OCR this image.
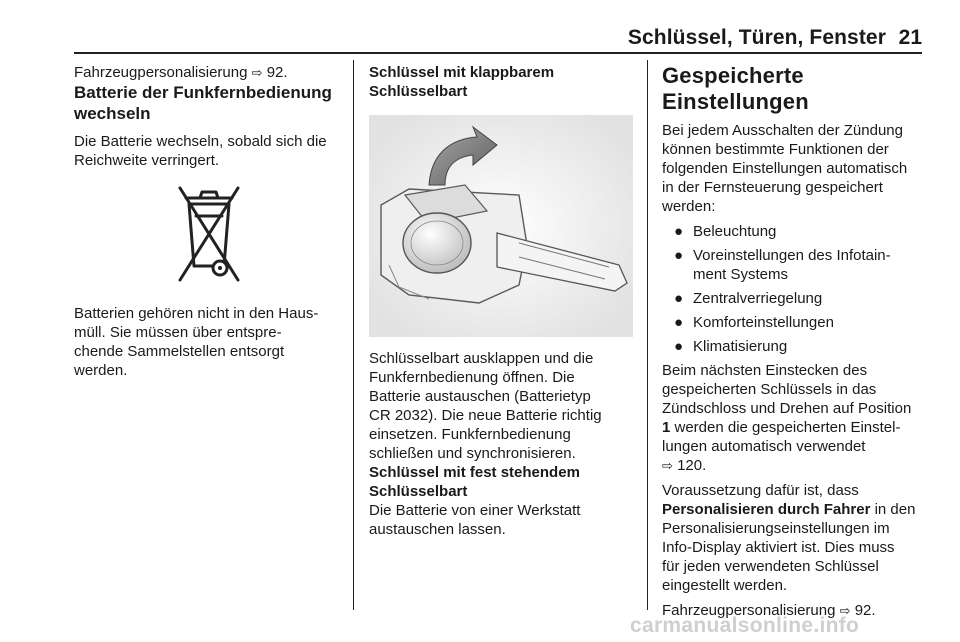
Schlüssel, Türen, Fenster 21

Fahrzeugpersonalisierung ⇨ 92.

Batterie der Funkfernbedienung wechseln

Die Batterie wechseln, sobald sich die Reichweite verringert.

Batterien gehören nicht in den Haus-
müll. Sie müssen über entspre-
chende Sammelstellen entsorgt
werden.

Schlüssel mit klappbarem
Schlüsselbart

Schlüsselbart ausklappen und die
Funkfernbedienung öffnen. Die
Batterie austauschen (Batterietyp
CR 2032). Die neue Batterie richtig
einsetzen. Funkfernbedienung
schließen und synchronisieren.

Schlüssel mit fest stehendem
Schlüsselbart

Die Batterie von einer Werkstatt
austauschen lassen.

Gespeicherte Einstellungen

Bei jedem Ausschalten der Zündung
können bestimmte Funktionen der
folgenden Einstellungen automatisch
in der Fernsteuerung gespeichert
werden:

● Beleuchtung
● Voreinstellungen des Infotain-
ment Systems
● Zentralverriegelung
● Komforteinstellungen
● Klimatisierung

Beim nächsten Einstecken des
gespeicherten Schlüssels in das
Zündschloss und Drehen auf Position
1 werden die gespeicherten Einstel-
lungen automatisch verwendet
⇨ 120.

Voraussetzung dafür ist, dass
Personalisieren durch Fahrer in den
Personalisierungseinstellungen im
Info-Display aktiviert ist. Dies muss
für jeden verwendeten Schlüssel
eingestellt werden.

Fahrzeugpersonalisierung ⇨ 92.

carmanualsonline.info
